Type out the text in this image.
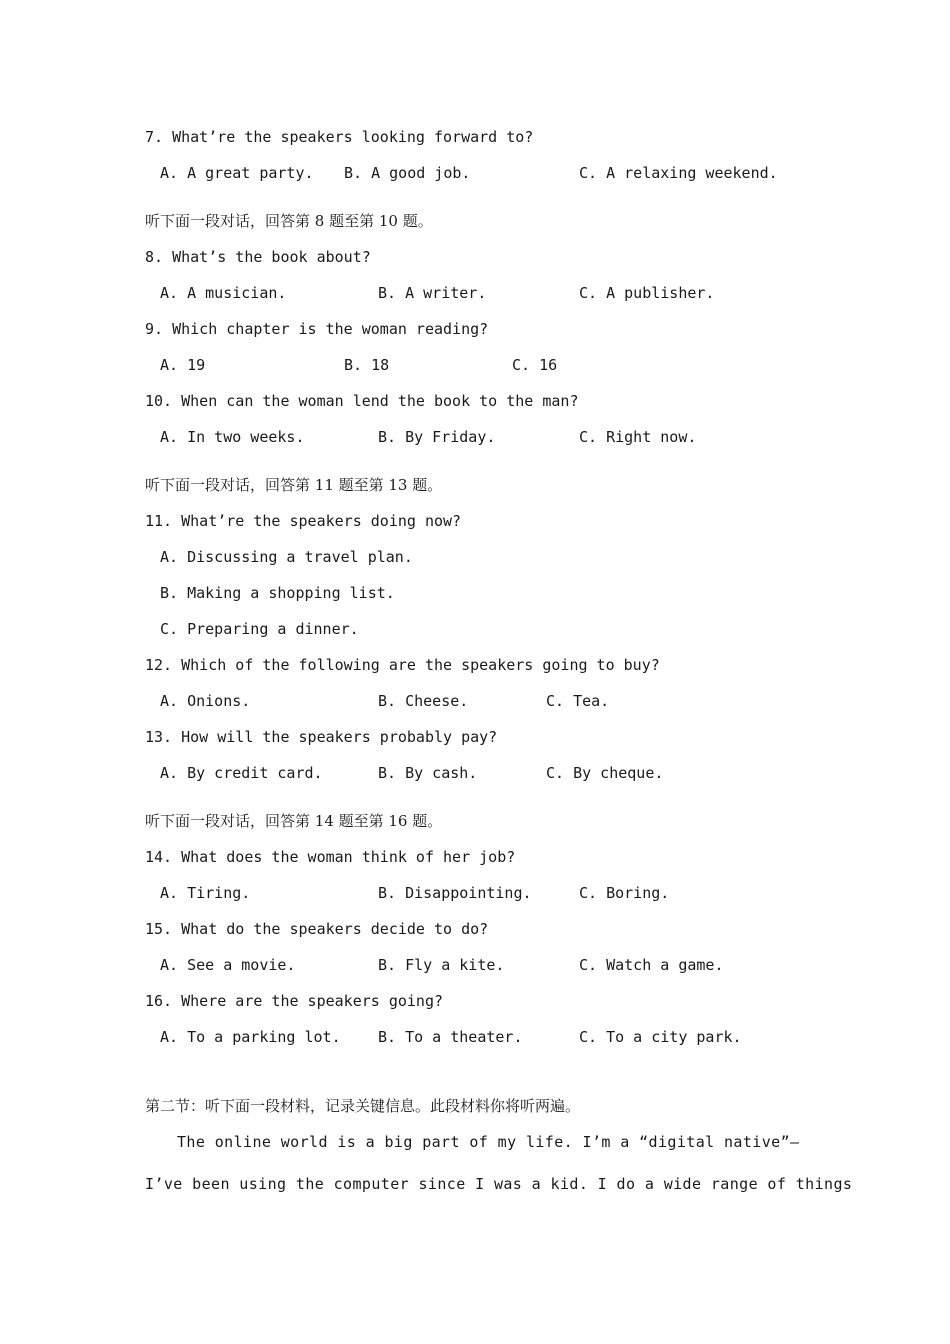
7. What’re the speakers looking forward to?
A. A great party. B. A good job.	C. A relaxing weekend.
听下面一段对话，回答第 8 题至第 10 题。
8. What’s the book about?
A. A musician.	B. A writer.	C. A publisher.
9. Which chapter is the woman reading?
A. 19	B. 18	C. 16
10. When can the woman lend the book to the man?
A. In two weeks.	B. By Friday.	C. Right now.
听下面一段对话，回答第 11 题至第 13 题。
11. What’re the speakers doing now?
A. Discussing a travel plan.
B. Making a shopping list.
C. Preparing a dinner.
12. Which of the following are the speakers going to buy?
A. Onions.	B. Cheese.	C. Tea.
13. How will the speakers probably pay?
A. By credit card.	B. By cash.	C. By cheque.
听下面一段对话，回答第 14 题至第 16 题。
14. What does the woman think of her job?
A. Tiring.	B. Disappointing.	C. Boring.
15. What do the speakers decide to do?
A. See a movie.	B. Fly a kite.	C. Watch a game.
16. Where are the speakers going?
A. To a parking lot. B. To a theater.	C. To a city park.
第二节：听下面一段材料，记录关键信息。此段材料你将听两遍。
The online world is a big part of my life. I’m a “digital native”—
I’ve been using the computer since I was a kid. I do a wide range of things
